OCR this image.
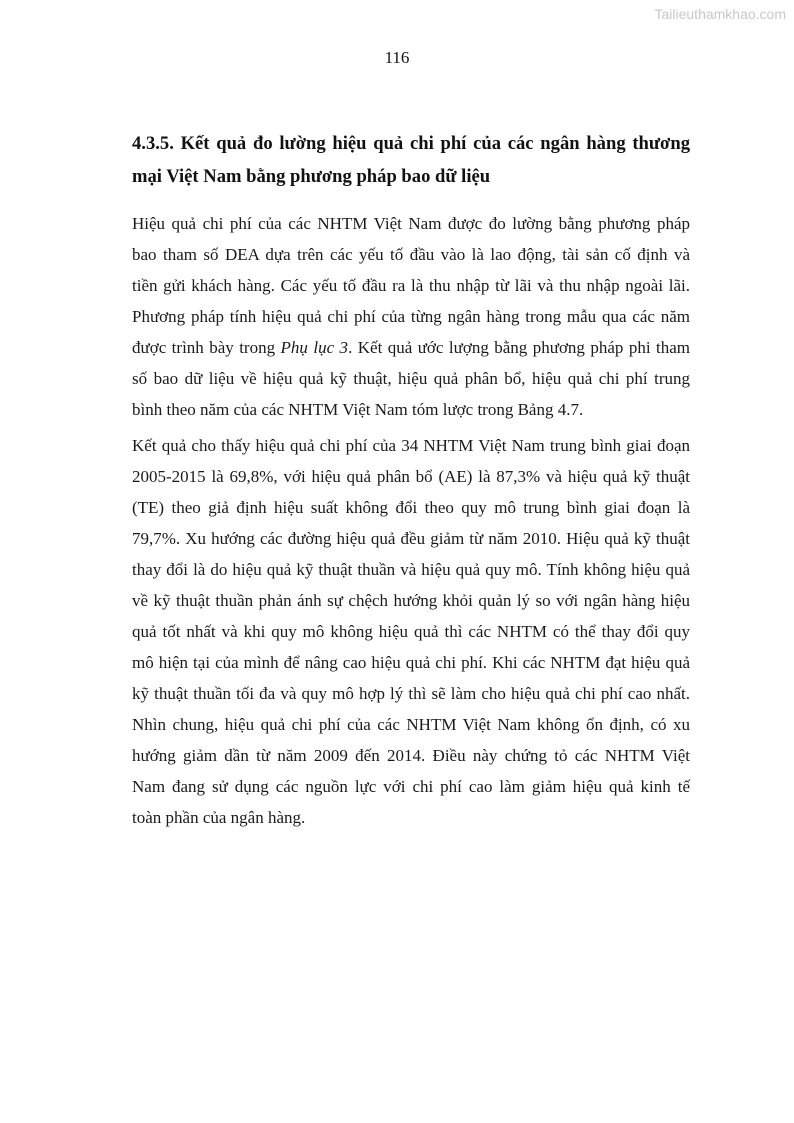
Tailieuthamkhao.com
116
4.3.5. Kết quả đo lường hiệu quả chi phí của các ngân hàng thương
mại Việt Nam bằng phương pháp bao dữ liệu
Hiệu quả chi phí của các NHTM Việt Nam được đo lường bằng phương pháp
bao tham số DEA dựa trên các yếu tố đầu vào là lao động, tài sản cố định và
tiền gửi khách hàng. Các yếu tố đầu ra là thu nhập từ lãi và thu nhập ngoài lãi.
Phương pháp tính hiệu quả chi phí của từng ngân hàng trong mẫu qua các năm
được trình bày trong Phụ lục 3. Kết quả ước lượng bằng phương pháp phi tham
số bao dữ liệu về hiệu quả kỹ thuật, hiệu quả phân bổ, hiệu quả chi phí trung
bình theo năm của các NHTM Việt Nam tóm lược trong Bảng 4.7.
Kết quả cho thấy hiệu quả chi phí của 34 NHTM Việt Nam trung bình giai đoạn
2005-2015 là 69,8%, với hiệu quả phân bổ (AE) là 87,3% và hiệu quả kỹ thuật
(TE) theo giả định hiệu suất không đổi theo quy mô trung bình giai đoạn là
79,7%. Xu hướng các đường hiệu quả đều giảm từ năm 2010. Hiệu quả kỹ thuật
thay đổi là do hiệu quả kỹ thuật thuần và hiệu quả quy mô. Tính không hiệu quả
về kỹ thuật thuần phản ánh sự chệch hướng khỏi quản lý so với ngân hàng hiệu
quả tốt nhất và khi quy mô không hiệu quả thì các NHTM có thể thay đổi quy
mô hiện tại của mình để nâng cao hiệu quả chi phí. Khi các NHTM đạt hiệu quả
kỹ thuật thuần tối đa và quy mô hợp lý thì sẽ làm cho hiệu quả chi phí cao nhất.
Nhìn chung, hiệu quả chi phí của các NHTM Việt Nam không ổn định, có xu
hướng giảm dần từ năm 2009 đến 2014. Điều này chứng tỏ các NHTM Việt
Nam đang sử dụng các nguồn lực với chi phí cao làm giảm hiệu quả kinh tế
toàn phần của ngân hàng.
